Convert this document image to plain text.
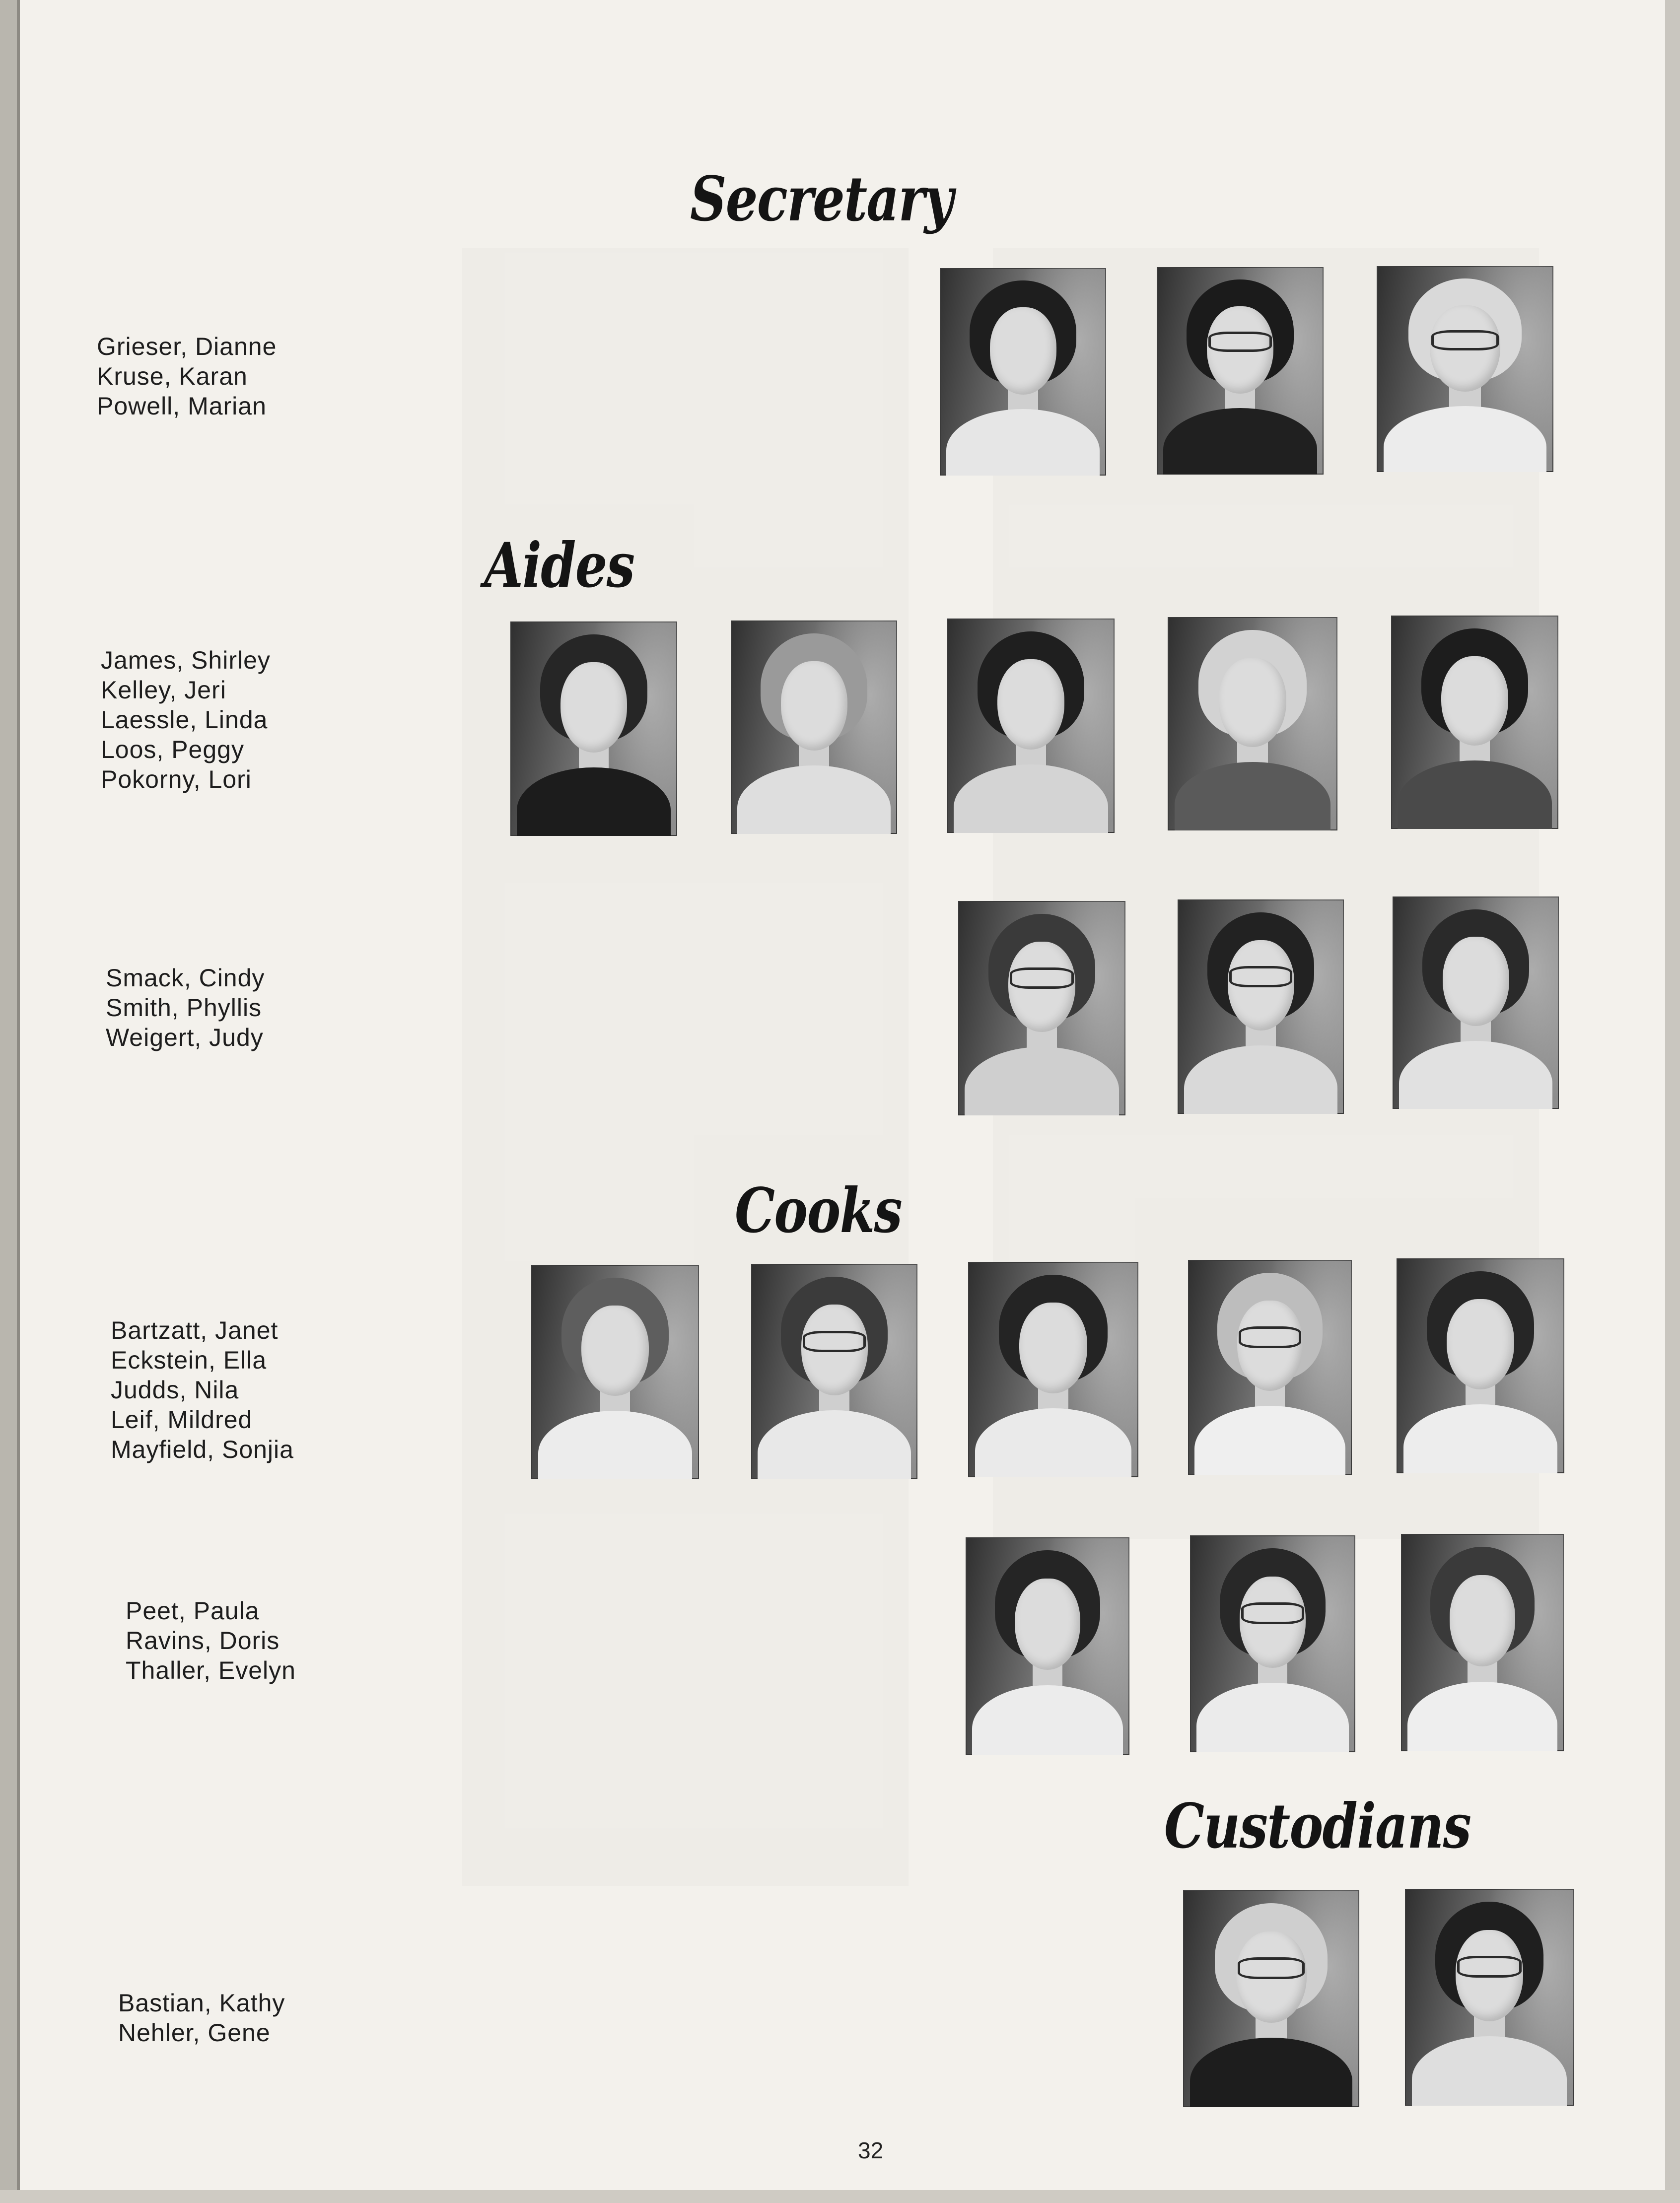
Secretary
Grieser, Dianne
Kruse, Karan
Powell, Marian
Aides
James, Shirley
Kelley, Jeri
Laessle, Linda
Loos, Peggy
Pokorny, Lori
Smack, Cindy
Smith, Phyllis
Weigert, Judy
Cooks
Bartzatt, Janet
Eckstein, Ella
Judds, Nila
Leif, Mildred
Mayfield, Sonjia
Peet, Paula
Ravins, Doris
Thaller, Evelyn
Custodians
Bastian, Kathy
Nehler, Gene

32
